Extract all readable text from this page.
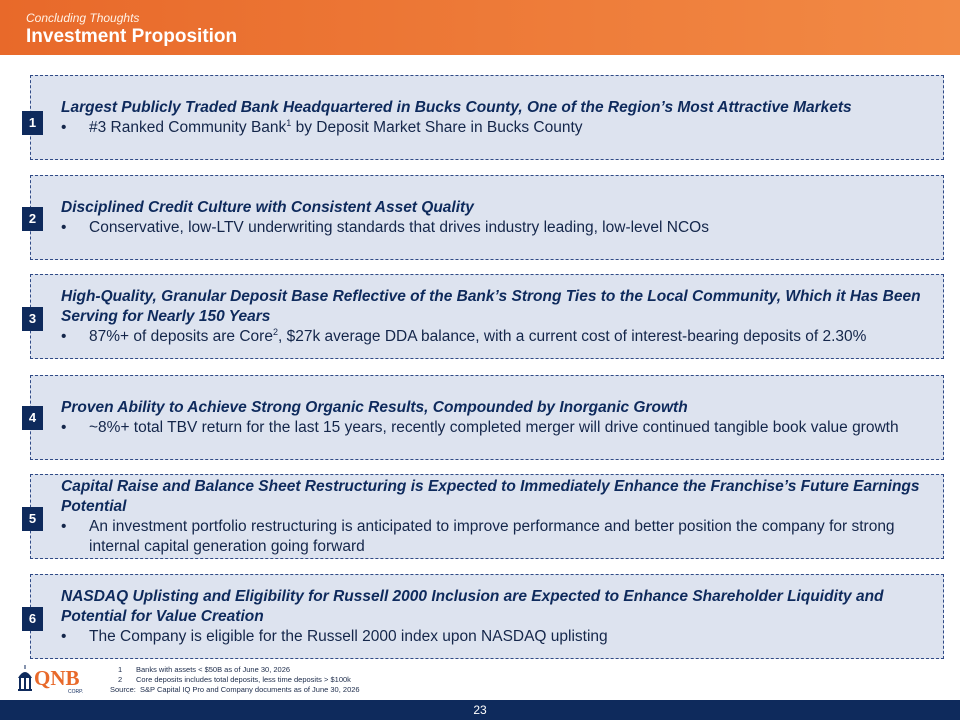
Concluding Thoughts
Investment Proposition
Largest Publicly Traded Bank Headquartered in Bucks County, One of the Region’s Most Attractive Markets
•	#3 Ranked Community Bank$^1$ by Deposit Market Share in Bucks County
1
Disciplined Credit Culture with Consistent Asset Quality
•	Conservative, low-LTV underwriting standards that drives industry leading, low-level NCOs
2
High-Quality, Granular Deposit Base Reflective of the Bank’s Strong Ties to the Local Community, Which it Has Been Serving for Nearly 150 Years
•	87%+ of deposits are Core$^2$, $27k average DDA balance, with a current cost of interest-bearing deposits of 2.30%
3
Proven Ability to Achieve Strong Organic Results, Compounded by Inorganic Growth
•	~8%+ total TBV return for the last 15 years, recently completed merger will drive continued tangible book value growth
4
Capital Raise and Balance Sheet Restructuring is Expected to Immediately Enhance the Franchise’s Future Earnings Potential
•	An investment portfolio restructuring is anticipated to improve performance and better position the company for strong internal capital generation going forward
5
NASDAQ Uplisting and Eligibility for Russell 2000 Inclusion are Expected to Enhance Shareholder Liquidity and Potential for Value Creation
•	The Company is eligible for the Russell 2000 index upon NASDAQ uplisting
6
QNB
CORP.
1	Banks with assets < $50B as of June 30, 2026
2	Core deposits includes total deposits, less time deposits > $100k
Source: S&P Capital IQ Pro and Company documents as of June 30, 2026
23
